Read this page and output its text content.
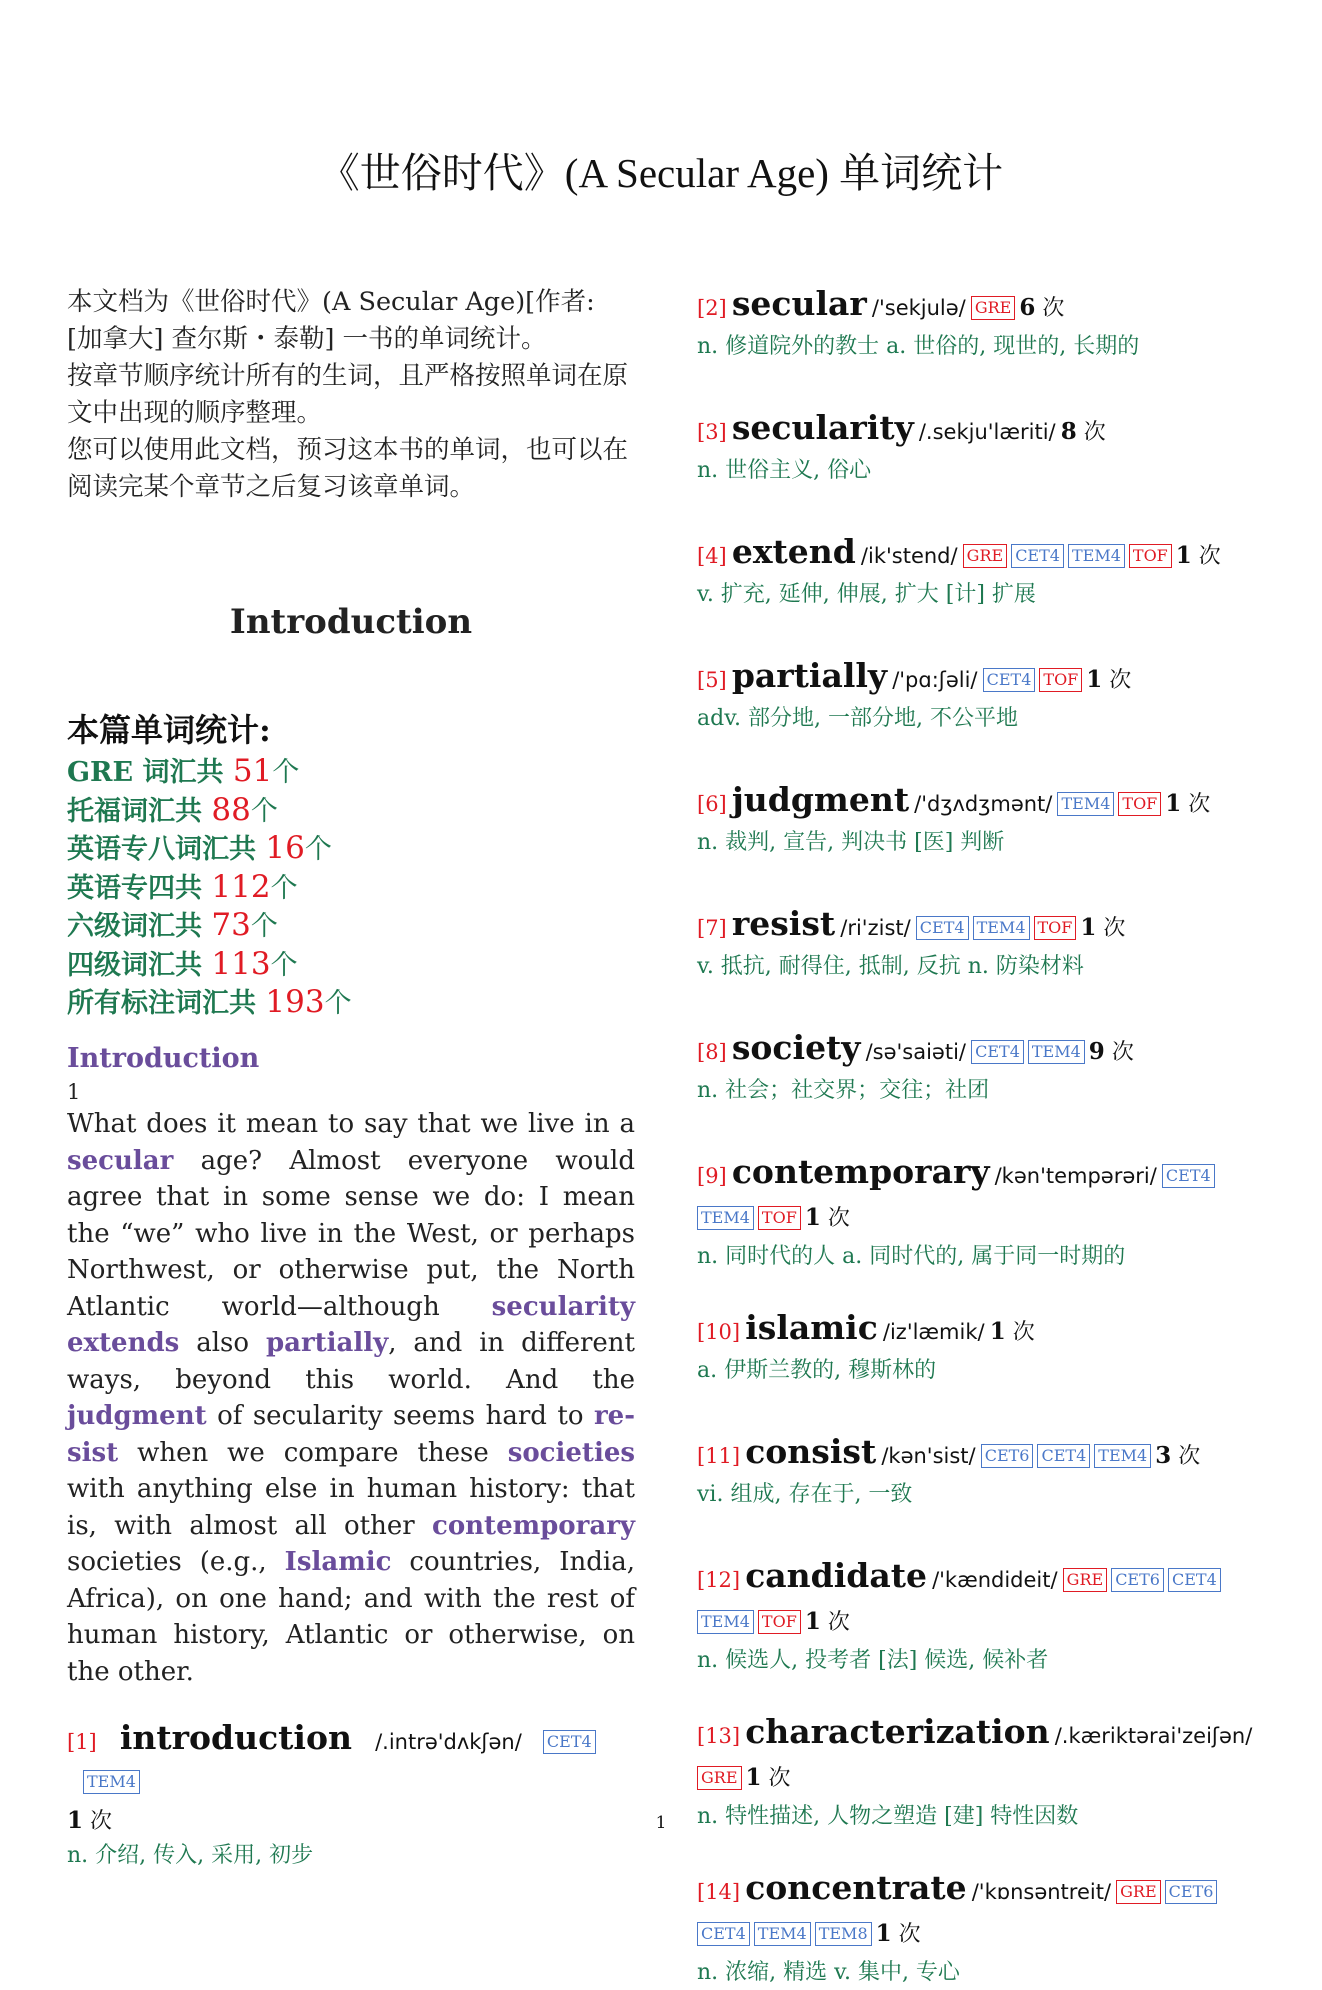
《世俗时代》(A Secular Age) 单词统计

本文档为《世俗时代》(A Secular Age)[作者: [加拿大] 查尔斯・泰勒] 一书的单词统计。

按章节顺序统计所有的生词，且严格按照单词在原文中出现的顺序整理。

您可以使用此文档，预习这本书的单词，也可以在阅读完某个章节之后复习该章单词。

Introduction
本篇单词统计:
GRE 词汇共 51个
托福词汇共 88个
英语专八词汇共 16个
英语专四共 112个
六级词汇共 73个
四级词汇共 113个
所有标注词汇共 193个
Introduction
1
What does it mean to say that we live in a secular age? Almost everyone would agree that in some sense we do: I mean the “we” who live in the West, or perhaps Northwest, or otherwise put, the North Atlantic world—although secularity extends also partially, and in different ways, beyond this world. And the judgment of secularity seems hard to re-sist when we compare these societies with anything else in human history: that is, with almost all other contemporary societies (e.g., Islamic countries, India, Africa), on one hand; and with the rest of human history, Atlantic or otherwise, on the other.
[1] introduction /.intrə'dʌkʃən/ CET4 TEM4
1 次
n. 介绍, 传入, 采用, 初步
[2] secular /'sekjulə/ GRE 6 次
n. 修道院外的教士 a. 世俗的, 现世的, 长期的
[3] secularity /.sekju'læriti/ 8 次
n. 世俗主义, 俗心
[4] extend /ik'stend/ GRE CET4 TEM4 TOF 1 次
v. 扩充, 延伸, 伸展, 扩大 [计] 扩展
[5] partially /'pɑ:ʃəli/ CET4 TOF 1 次
adv. 部分地, 一部分地, 不公平地
[6] judgment /'dʒʌdʒmənt/ TEM4 TOF 1 次
n. 裁判, 宣告, 判决书 [医] 判断
[7] resist /ri'zist/ CET4 TEM4 TOF 1 次
v. 抵抗, 耐得住, 抵制, 反抗 n. 防染材料
[8] society /sə'saiəti/ CET4 TEM4 9 次
n. 社会；社交界；交往；社团
[9] contemporary /kən'tempərəri/ CET4TEM4 TOF 1 次
n. 同时代的人 a. 同时代的, 属于同一时期的
[10] islamic /iz'læmik/ 1 次
a. 伊斯兰教的, 穆斯林的
[11] consist /kən'sist/ CET6 CET4 TEM4 3 次
vi. 组成, 存在于, 一致
[12] candidate /'kændideit/ GRE CET6 CET4TEM4 TOF 1 次
n. 候选人, 投考者 [法] 候选, 候补者
[13] characterization /.kæriktərai'zeiʃən/ GRE 1 次
n. 特性描述, 人物之塑造 [建] 特性因数
[14] concentrate /'kɒnsəntreit/ GRE CET6CET4 TEM4 TEM8 1 次
n. 浓缩, 精选 v. 集中, 专心
1
